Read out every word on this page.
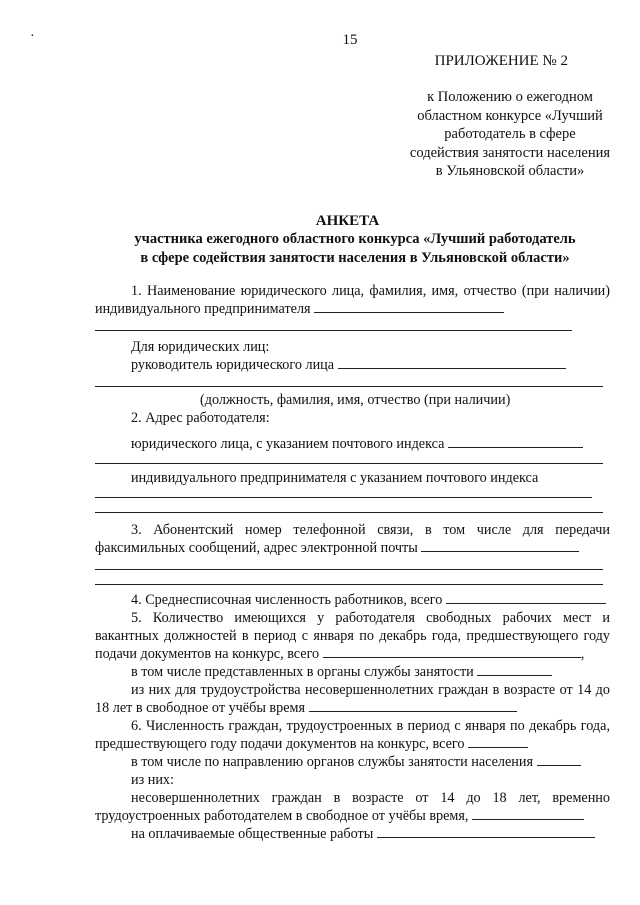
·	15
ПРИЛОЖЕНИЕ № 2
к Положению о ежегодном
областном конкурсе «Лучший
работодатель в сфере
содействия занятости населения
в Ульяновской области»
АНКЕТА
участника ежегодного областного конкурса «Лучший работодатель
в сфере содействия занятости населения в Ульяновской области»

1. Наименование юридического лица, фамилия, имя, отчество (при наличии) индивидуального предпринимателя

Для юридических лиц:

руководитель юридического лица

(должность, фамилия, имя, отчество (при наличии)

2. Адрес работодателя:

юридического лица, с указанием почтового индекса

индивидуального предпринимателя с указанием почтового индекса

3. Абонентский номер телефонной связи, в том числе для передачи факсимильных сообщений, адрес электронной почты

4. Среднесписочная численность работников, всего

5. Количество имеющихся у работодателя свободных рабочих мест и вакантных должностей в период с января по декабрь года, предшествующего году подачи документов на конкурс, всего	,

в том числе представленных в органы службы занятости

из них для трудоустройства несовершеннолетних граждан в возрасте от 14 до 18 лет в свободное от учёбы время

6. Численность граждан, трудоустроенных в период с января по декабрь года, предшествующего году подачи документов на конкурс, всего

в том числе по направлению органов службы занятости населения

из них:

несовершеннолетних граждан в возрасте от 14 до 18 лет, временно трудоустроенных работодателем в свободное от учёбы время,

на оплачиваемые общественные работы
